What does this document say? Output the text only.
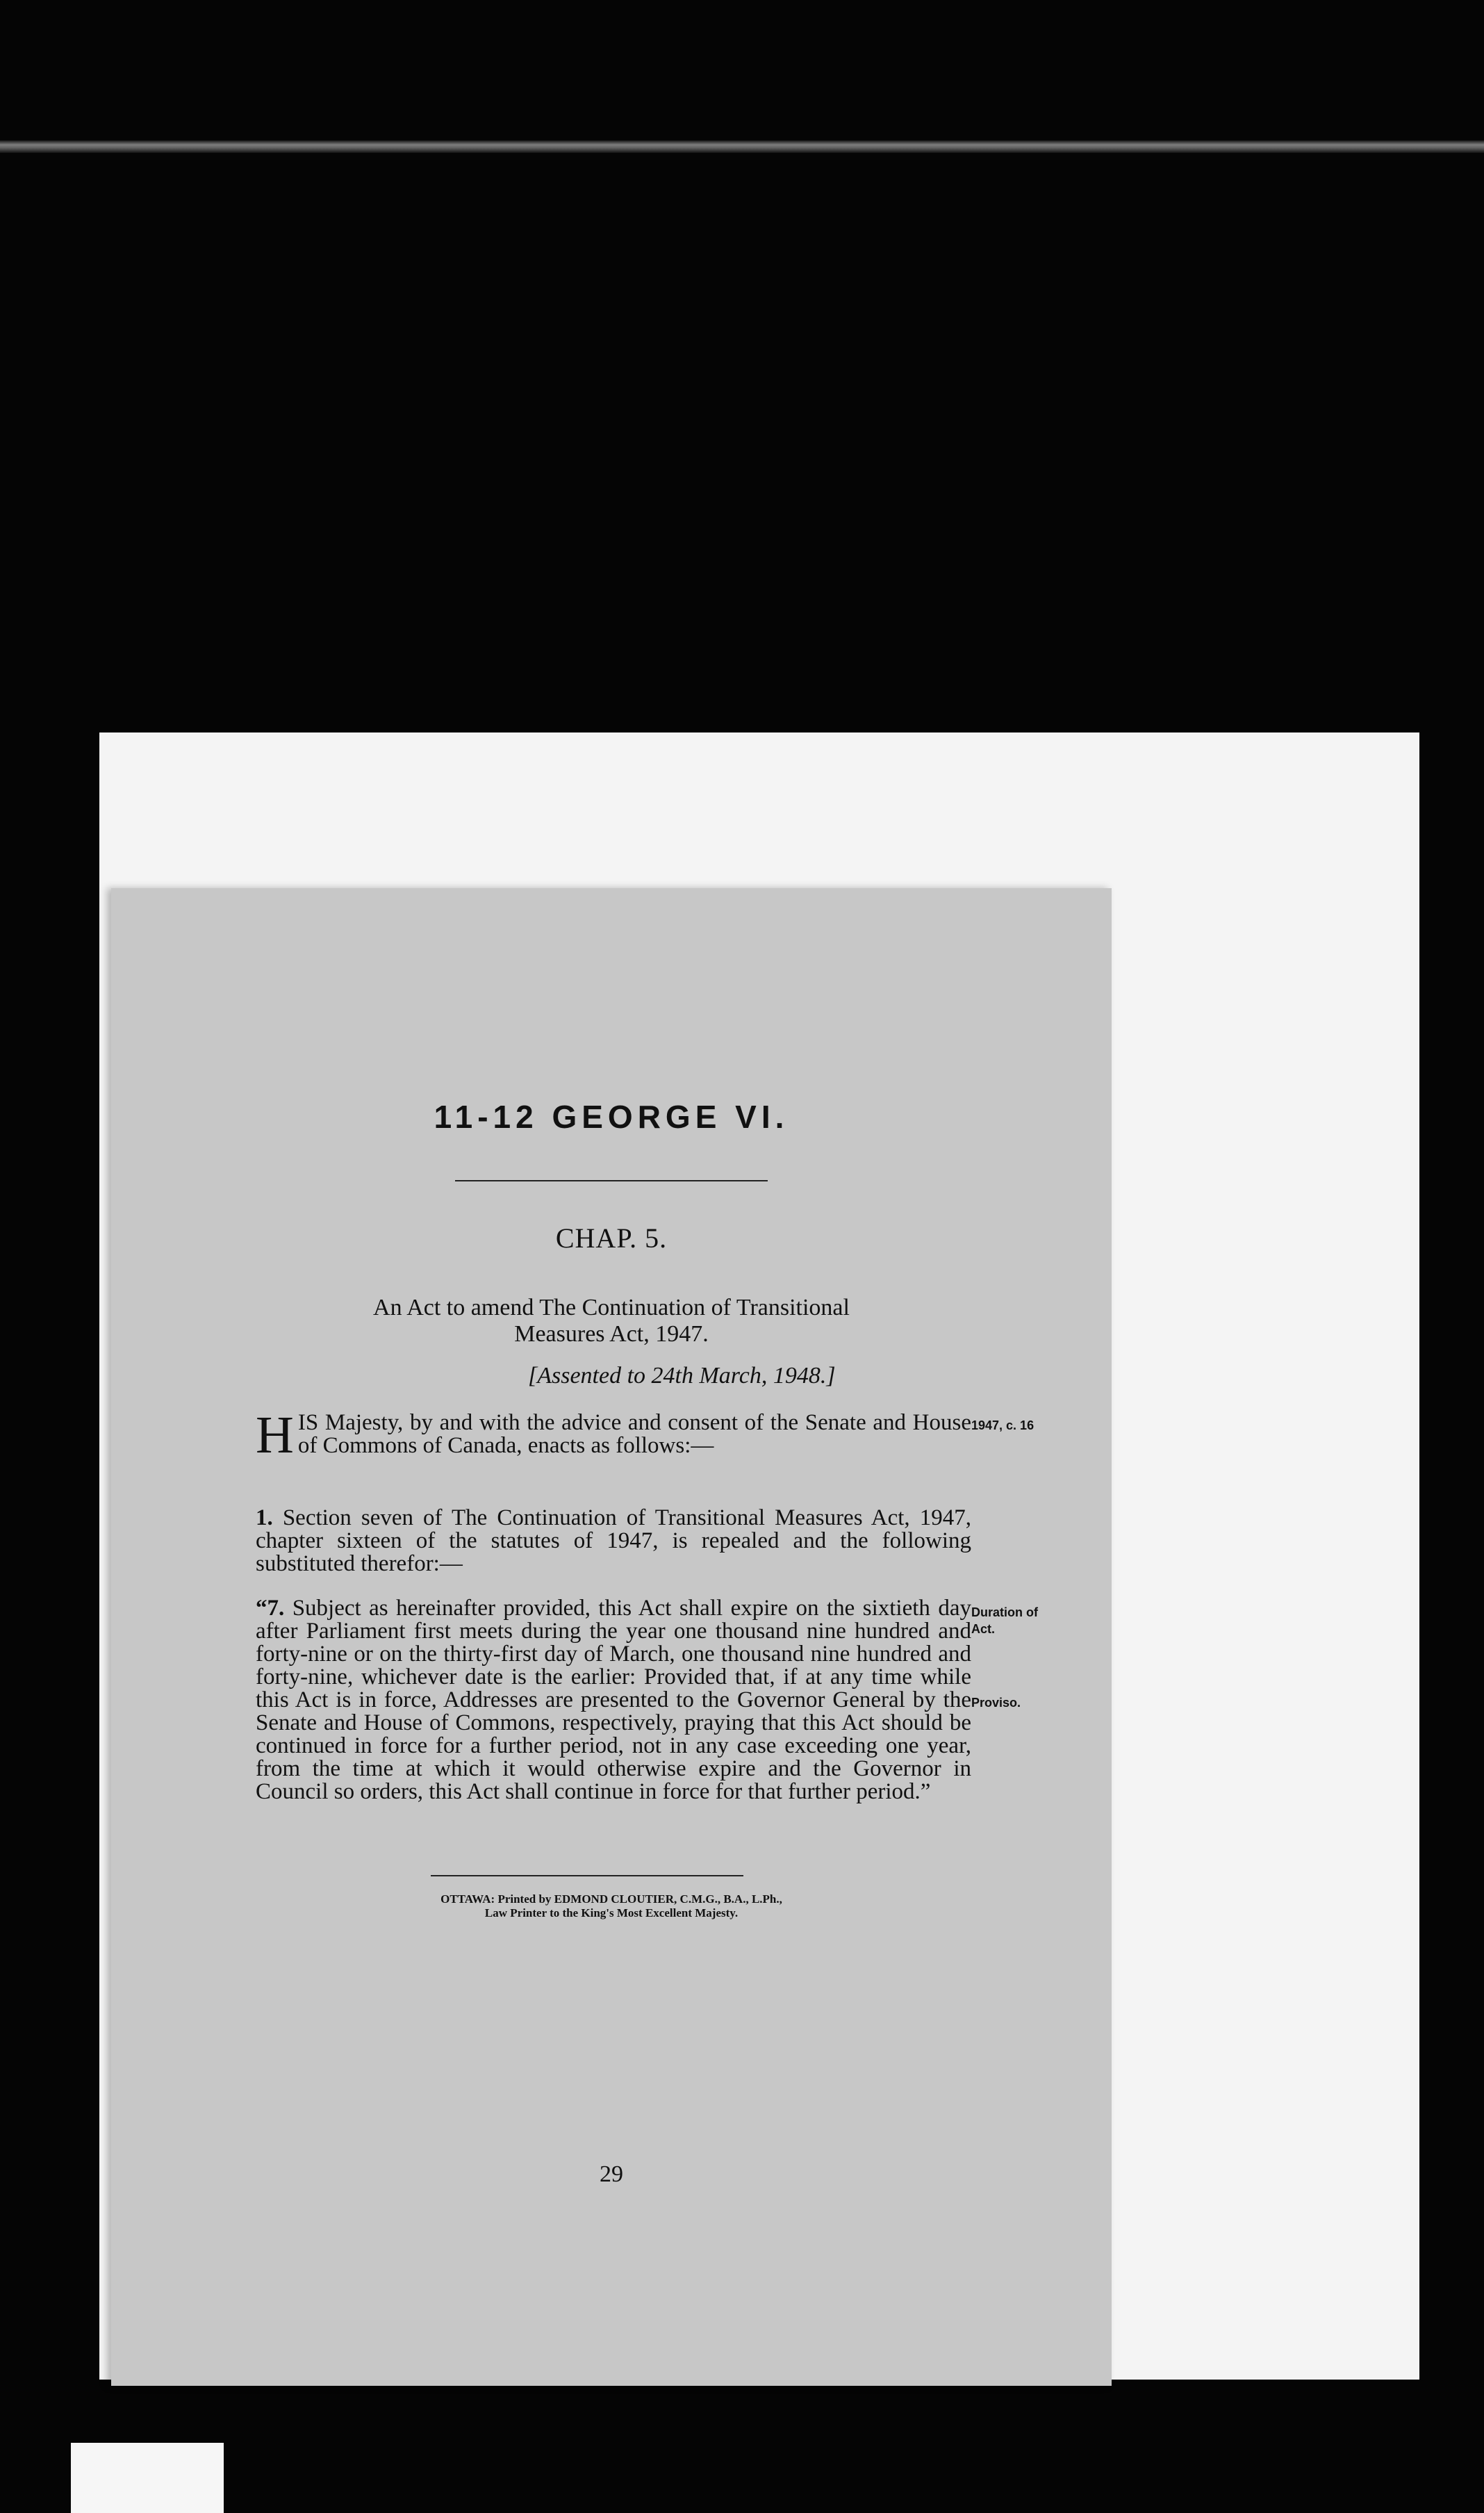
11-12 GEORGE VI.
CHAP. 5.
An Act to amend The Continuation of Transitional
Measures Act, 1947.
[Assented to 24th March, 1948.]
H IS Majesty, by and with the advice and consent of the Senate and House of Commons of Canada, enacts as follows:—
1. Section seven of The Continuation of Transitional Measures Act, 1947, chapter sixteen of the statutes of 1947, is repealed and the following substituted therefor:—
“7. Subject as hereinafter provided, this Act shall expire on the sixtieth day after Parliament first meets during the year one thousand nine hundred and forty-nine or on the thirty-first day of March, one thousand nine hundred and forty-nine, whichever date is the earlier: Provided that, if at any time while this Act is in force, Addresses are presented to the Governor General by the Senate and House of Commons, respectively, praying that this Act should be continued in force for a further period, not in any case exceeding one year, from the time at which it would otherwise expire and the Governor in Council so orders, this Act shall continue in force for that further period.”
1947, c. 16
Duration of Act.
Proviso.
OTTAWA: Printed by EDMOND CLOUTIER, C.M.G., B.A., L.Ph.,
Law Printer to the King's Most Excellent Majesty.
29
